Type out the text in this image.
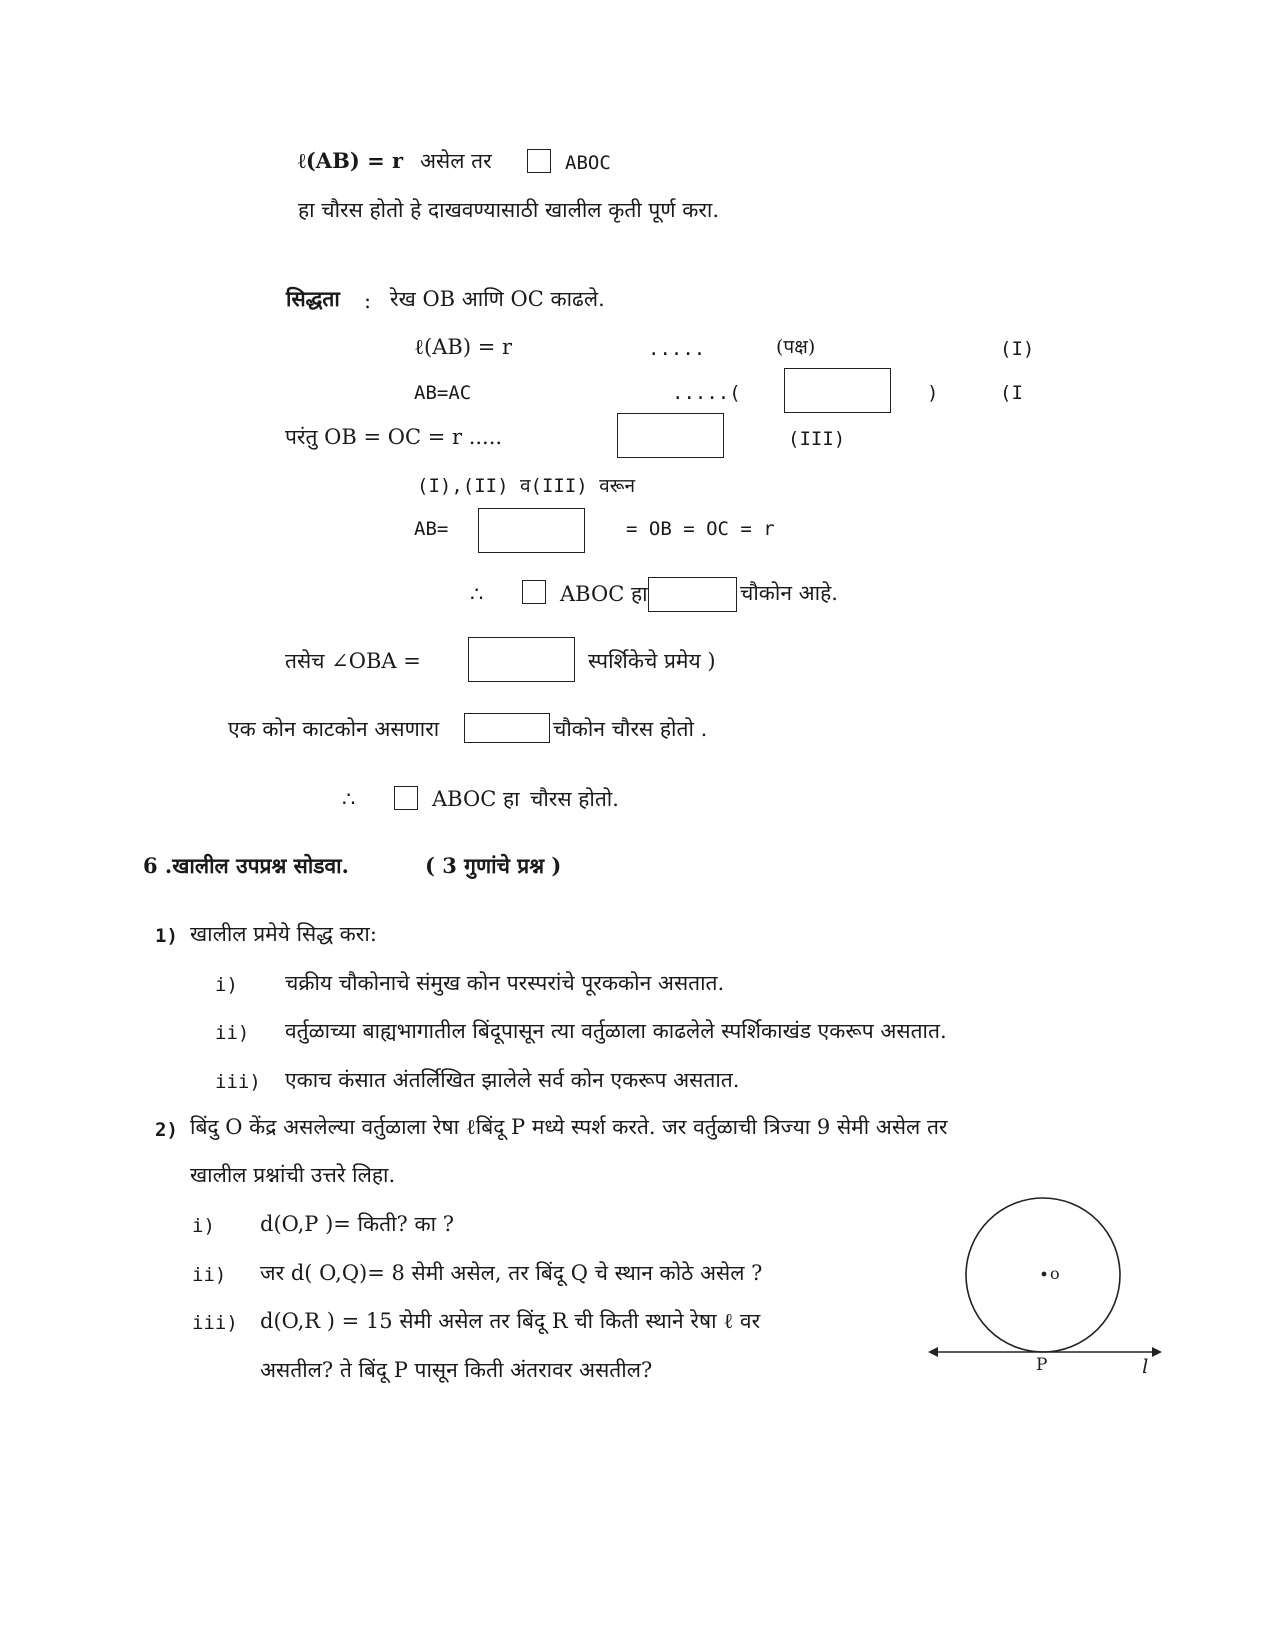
ℓ(AB) = r असेल तर	ABOC
हा चौरस होतो हे दाखवण्यासाठी खालील कृती पूर्ण करा.
सिद्धता : रेख OB आणि OC काढले.
ℓ(AB) = r	.....	(पक्ष)	(I)
AB=AC	.....(	)	(I
परंतु OB = OC = r .....	(III)
(I),(II) व(III) वरून
AB=	= OB = OC = r
∴	ABOC हा	चौकोन आहे.
तसेच ∠OBA =	स्पर्शिकेचे प्रमेय )
एक कोन काटकोन असणारा	चौकोन चौरस होतो .
∴	ABOC हा चौरस होतो.
6 .खालील उपप्रश्न सोडवा.	( 3 गुणांचे प्रश्न )
1) खालील प्रमेये सिद्ध करा:
i) चक्रीय चौकोनाचे संमुख कोन परस्परांचे पूरककोन असतात.
ii) वर्तुळाच्या बाह्यभागातील बिंदूपासून त्या वर्तुळाला काढलेले स्पर्शिकाखंड एकरूप असतात.
iii) एकाच कंसात अंतर्लिखित झालेले सर्व कोन एकरूप असतात.
2) बिंदु O केंद्र असलेल्या वर्तुळाला रेषा ℓबिंदू P मध्ये स्पर्श करते. जर वर्तुळाची त्रिज्या 9 सेमी असेल तर
खालील प्रश्नांची उत्तरे लिहा.
i) d(O,P )= किती? का ?
ii) जर d( O,Q)= 8 सेमी असेल, तर बिंदू Q चे स्थान कोठे असेल ?
iii) d(O,R ) = 15 सेमी असेल तर बिंदू R ची किती स्थाने रेषा ℓ वर
असतील? ते बिंदू P पासून किती अंतरावर असतील?
o
P	l
